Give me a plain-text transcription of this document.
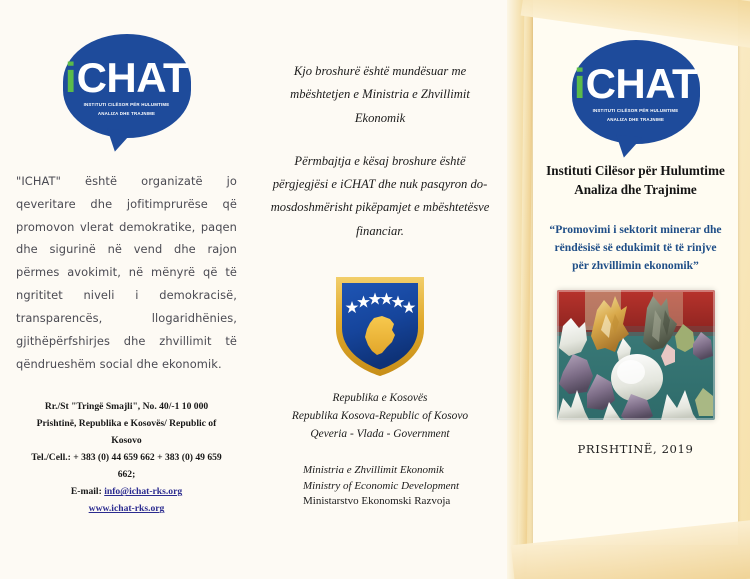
i CHAT
INSTITUTI CILËSOR PËR HULUMTIME
ANALIZA DHE TRAJNIME

"ICHAT" është organizatë jo qeveritare dhe jofitimprurëse që promovon vlerat demokratike, paqen dhe sigurinë në vend dhe rajon përmes avokimit, në mënyrë që të ngrititet niveli i demokracisë, transparencës, llogaridhënies, gjithëpërfshirjes dhe zhvillimit të qëndrueshëm social dhe ekonomik.

Rr./St "Tringë Smajli", No. 40/-1 10 000
Prishtinë, Republika e Kosovës/ Republic of
Kosovo
Tel./Cell.: + 383 (0) 44 659 662 + 383 (0) 49 659
662;
E-mail: info@ichat-rks.org
www.ichat-rks.org
Kjo broshurë është mundësuar me mbështetjen e Ministria e Zhvillimit Ekonomik
Përmbajtja e kësaj broshure është përgjegjësi e iCHAT dhe nuk pasqyron do-mosdoshmërisht pikëpamjet e mbështetësve financiar.
Republika e Kosovës
Republika Kosova-Republic of Kosovo
Qeveria - Vlada - Government
Ministria e Zhvillimit Ekonomik
Ministry of Economic Development
Ministarstvo Ekonomski Razvoja
i CHAT
INSTITUTI CILËSOR PËR HULUMTIME
ANALIZA DHE TRAJNIME
Instituti Cilësor për Hulumtime Analiza dhe Trajnime

“Promovimi i sektorit minerar dhe rëndësisë së edukimit të të rinjve për zhvillimin ekonomik”

PRISHTINË, 2019
